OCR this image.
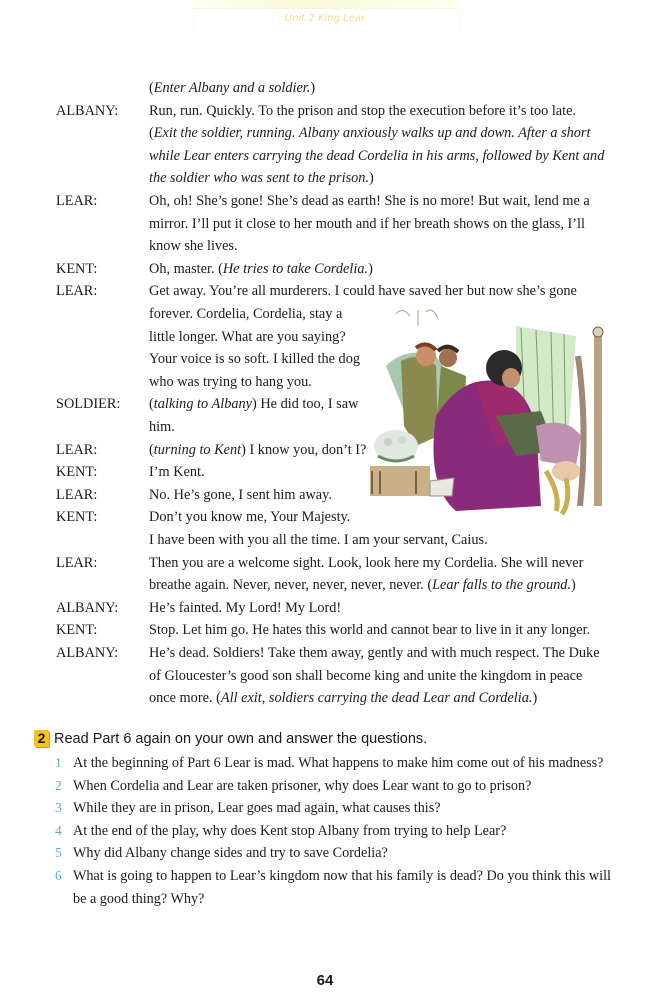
Unit 2 King Lear
(Enter Albany and a soldier.)
ALBANY: Run, run. Quickly. To the prison and stop the execution before it’s too late.
(Exit the soldier, running. Albany anxiously walks up and down. After a short
while Lear enters carrying the dead Cordelia in his arms, followed by Kent and
the soldier who was sent to the prison.)
LEAR:	Oh, oh! She’s gone! She’s dead as earth! She is no more! But wait, lend me a
mirror. I’ll put it close to her mouth and if her breath shows on the glass, I’ll
know she lives.
KENT:	Oh, master. (He tries to take Cordelia.)
LEAR:	Get away. You’re all murderers. I could have saved her but now she’s gone
forever. Cordelia, Cordelia, stay a
little longer. What are you saying?
Your voice is so soft. I killed the dog
who was trying to hang you.
SOLDIER: (talking to Albany) He did too, I saw
him.
LEAR:	(turning to Kent) I know you, don’t I?
KENT:	I’m Kent.
LEAR:	No. He’s gone, I sent him away.
KENT:	Don’t you know me, Your Majesty.
I have been with you all the time. I am your servant, Caius.
LEAR:	Then you are a welcome sight. Look, look here my Cordelia. She will never
breathe again. Never, never, never, never, never. (Lear falls to the ground.)
ALBANY: He’s fainted. My Lord! My Lord!
KENT:	Stop. Let him go. He hates this world and cannot bear to live in it any longer.
ALBANY: He’s dead. Soldiers! Take them away, gently and with much respect. The Duke
of Gloucester’s good son shall become king and unite the kingdom in peace
once more. (All exit, soldiers carrying the dead Lear and Cordelia.)
2 Read Part 6 again on your own and answer the questions.
1 At the beginning of Part 6 Lear is mad. What happens to make him come out of his madness?
2 When Cordelia and Lear are taken prisoner, why does Lear want to go to prison?
3 While they are in prison, Lear goes mad again, what causes this?
4 At the end of the play, why does Kent stop Albany from trying to help Lear?
5 Why did Albany change sides and try to save Cordelia?
6 What is going to happen to Lear’s kingdom now that his family is dead? Do you think this will
be a good thing? Why?
64
